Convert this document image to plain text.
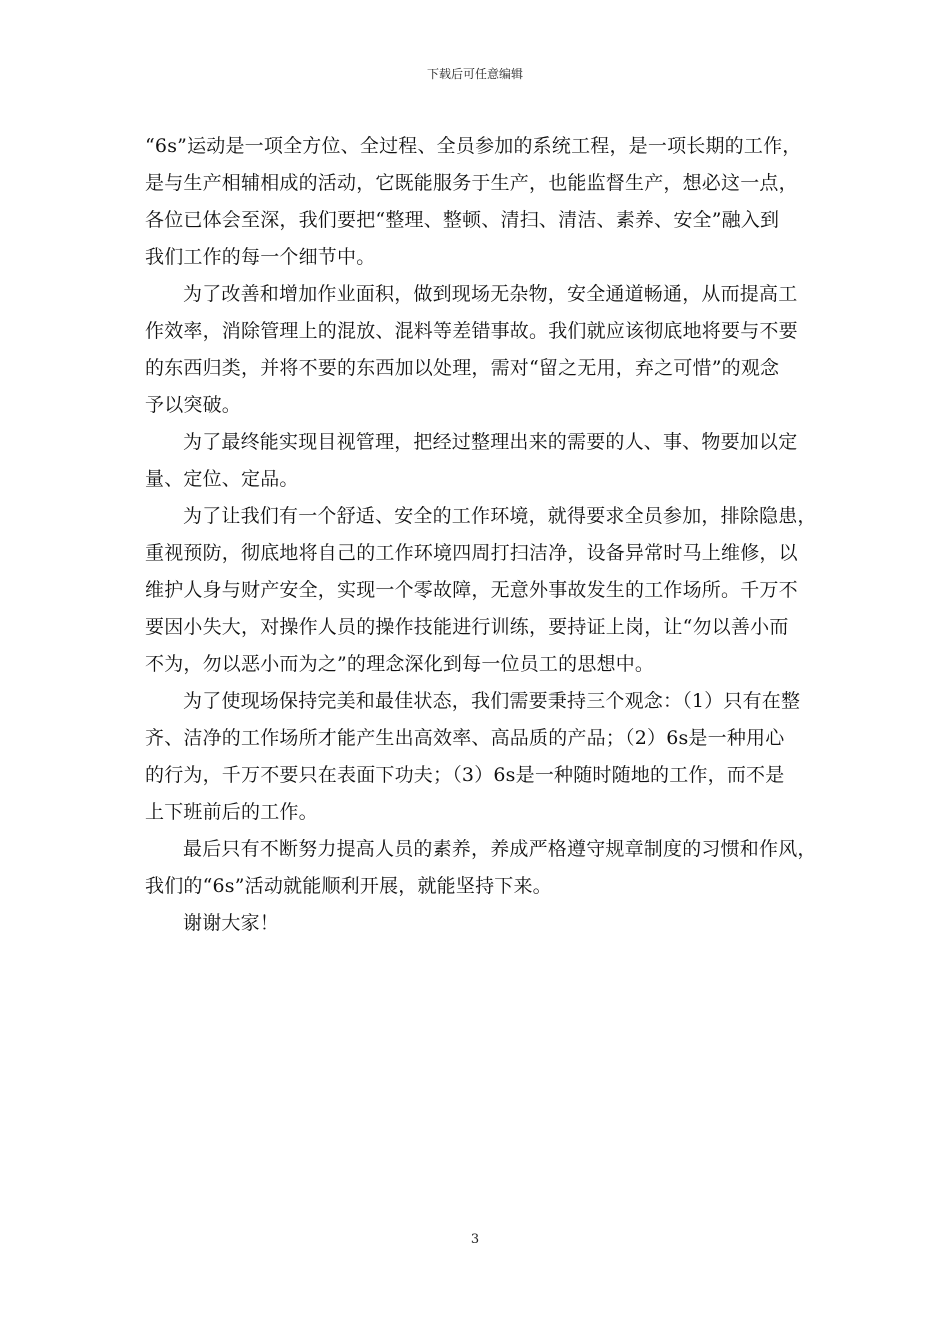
下载后可任意编辑
“6s”运动是一项全方位、全过程、全员参加的系统工程，是一项长期的工作，
是与生产相辅相成的活动，它既能服务于生产，也能监督生产，想必这一点，
各位已体会至深，我们要把“整理、整顿、清扫、清洁、素养、安全”融入到
我们工作的每一个细节中。
为了改善和增加作业面积，做到现场无杂物，安全通道畅通，从而提高工
作效率，消除管理上的混放、混料等差错事故。我们就应该彻底地将要与不要
的东西归类，并将不要的东西加以处理，需对“留之无用，弃之可惜”的观念
予以突破。
为了最终能实现目视管理，把经过整理出来的需要的人、事、物要加以定
量、定位、定品。
为了让我们有一个舒适、安全的工作环境，就得要求全员参加，排除隐患，
重视预防，彻底地将自己的工作环境四周打扫洁净，设备异常时马上维修，以
维护人身与财产安全，实现一个零故障，无意外事故发生的工作场所。千万不
要因小失大，对操作人员的操作技能进行训练，要持证上岗，让“勿以善小而
不为，勿以恶小而为之”的理念深化到每一位员工的思想中。
为了使现场保持完美和最佳状态，我们需要秉持三个观念：（1）只有在整
齐、洁净的工作场所才能产生出高效率、高品质的产品；（2）6s是一种用心
的行为，千万不要只在表面下功夫；（3）6s是一种随时随地的工作，而不是
上下班前后的工作。
最后只有不断努力提高人员的素养，养成严格遵守规章制度的习惯和作风，
我们的“6s”活动就能顺利开展，就能坚持下来。
谢谢大家！
3
